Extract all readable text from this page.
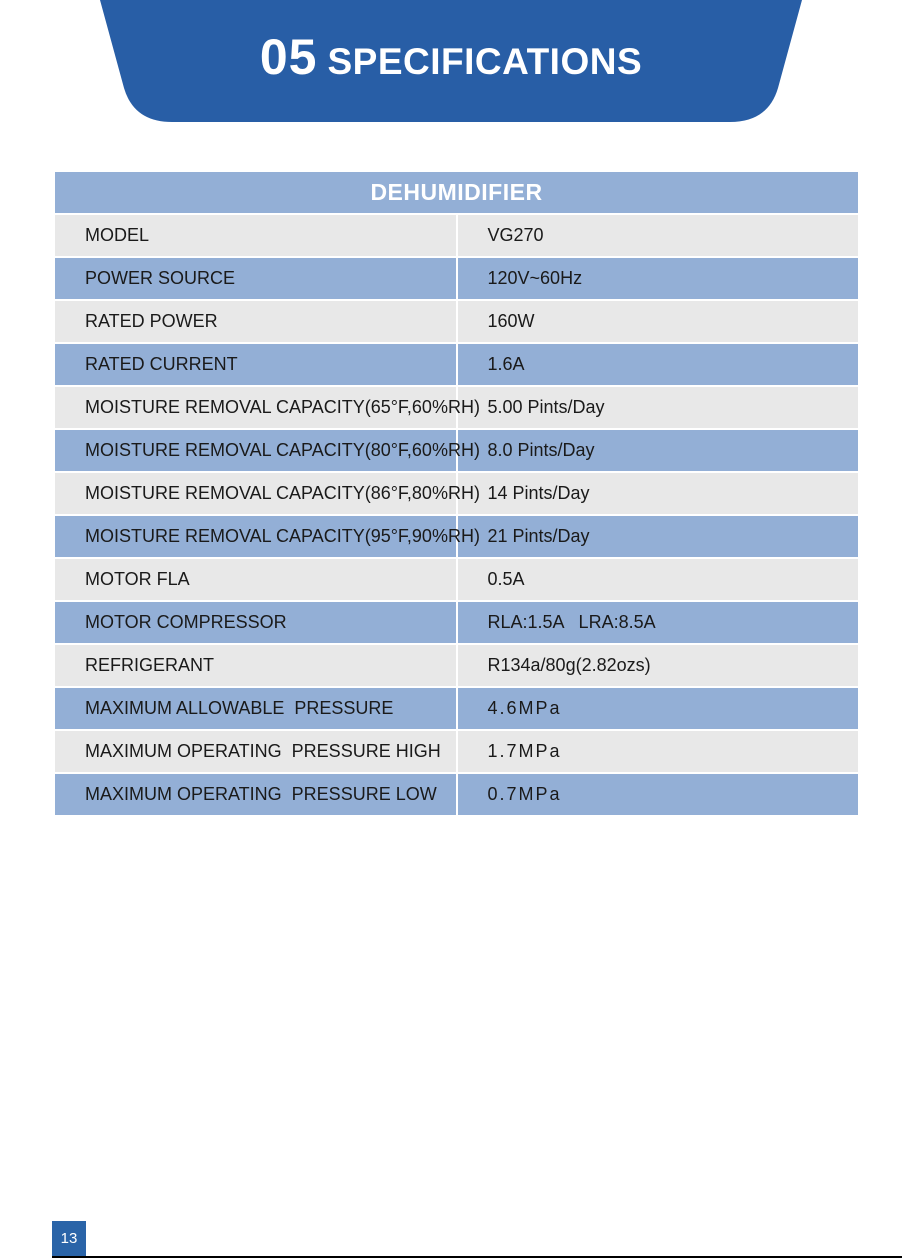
05 SPECIFICATIONS
DEHUMIDIFIER	
MODEL	VG270
POWER SOURCE	120V~60Hz
RATED POWER	160W
RATED CURRENT	1.6A
MOISTURE REMOVAL CAPACITY(65°F,60%RH)	5.00 Pints/Day
MOISTURE REMOVAL CAPACITY(80°F,60%RH)	8.0 Pints/Day
MOISTURE REMOVAL CAPACITY(86°F,80%RH)	14 Pints/Day
MOISTURE REMOVAL CAPACITY(95°F,90%RH)	21 Pints/Day
MOTOR FLA	0.5A
MOTOR COMPRESSOR	RLA:1.5A   LRA:8.5A
REFRIGERANT	R134a/80g(2.82ozs)
MAXIMUM ALLOWABLE  PRESSURE	4.6MPa
MAXIMUM OPERATING  PRESSURE HIGH	1.7MPa
MAXIMUM OPERATING  PRESSURE LOW	0.7MPa
13
